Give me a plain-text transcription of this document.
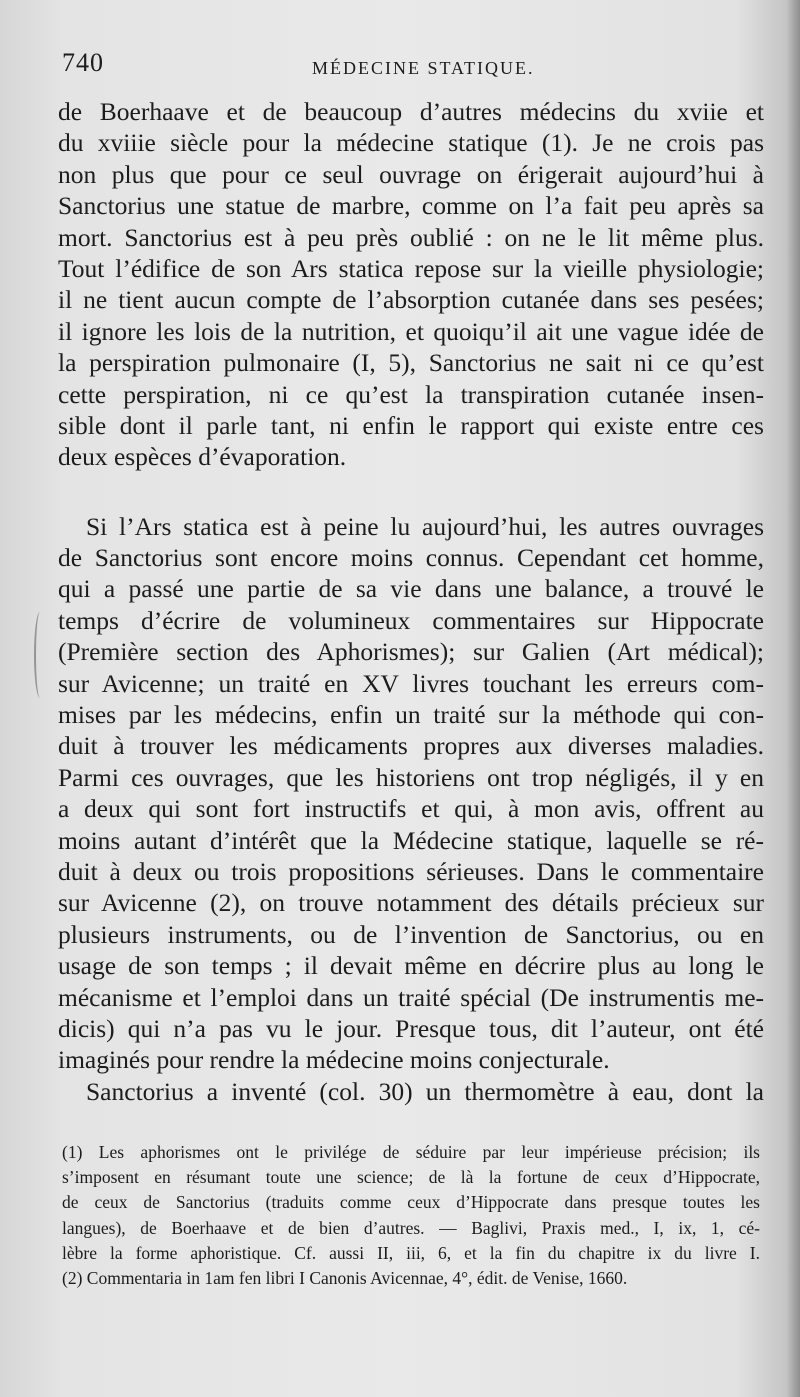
740	MÉDECINE STATIQUE.
de Boerhaave et de beaucoup d’autres médecins du xviie et
du xviiie siècle pour la médecine statique (1). Je ne crois pas
non plus que pour ce seul ouvrage on érigerait aujourd’hui à
Sanctorius une statue de marbre, comme on l’a fait peu après sa
mort. Sanctorius est à peu près oublié : on ne le lit même plus.
Tout l’édifice de son Ars statica repose sur la vieille physiologie;
il ne tient aucun compte de l’absorption cutanée dans ses pesées;
il ignore les lois de la nutrition, et quoiqu’il ait une vague idée de
la perspiration pulmonaire (I, 5), Sanctorius ne sait ni ce qu’est
cette perspiration, ni ce qu’est la transpiration cutanée insen-
sible dont il parle tant, ni enfin le rapport qui existe entre ces
deux espèces d’évaporation.
Si l’Ars statica est à peine lu aujourd’hui, les autres ouvrages
de Sanctorius sont encore moins connus. Cependant cet homme,
qui a passé une partie de sa vie dans une balance, a trouvé le
temps d’écrire de volumineux commentaires sur Hippocrate
(Première section des Aphorismes); sur Galien (Art médical);
sur Avicenne; un traité en XV livres touchant les erreurs com-
mises par les médecins, enfin un traité sur la méthode qui con-
duit à trouver les médicaments propres aux diverses maladies.
Parmi ces ouvrages, que les historiens ont trop négligés, il y en
a deux qui sont fort instructifs et qui, à mon avis, offrent au
moins autant d’intérêt que la Médecine statique, laquelle se ré-
duit à deux ou trois propositions sérieuses. Dans le commentaire
sur Avicenne (2), on trouve notamment des détails précieux sur
plusieurs instruments, ou de l’invention de Sanctorius, ou en
usage de son temps ; il devait même en décrire plus au long le
mécanisme et l’emploi dans un traité spécial (De instrumentis me-
dicis) qui n’a pas vu le jour. Presque tous, dit l’auteur, ont été
imaginés pour rendre la médecine moins conjecturale.
Sanctorius a inventé (col. 30) un thermomètre à eau, dont la
(1) Les aphorismes ont le privilége de séduire par leur impérieuse précision; ils
s’imposent en résumant toute une science; de là la fortune de ceux d’Hippocrate,
de ceux de Sanctorius (traduits comme ceux d’Hippocrate dans presque toutes les
langues), de Boerhaave et de bien d’autres. — Baglivi, Praxis med., I, ix, 1, cé-
lèbre la forme aphoristique. Cf. aussi II, iii, 6, et la fin du chapitre ix du livre I.
(2) Commentaria in 1am fen libri I Canonis Avicennae, 4°, édit. de Venise, 1660.
